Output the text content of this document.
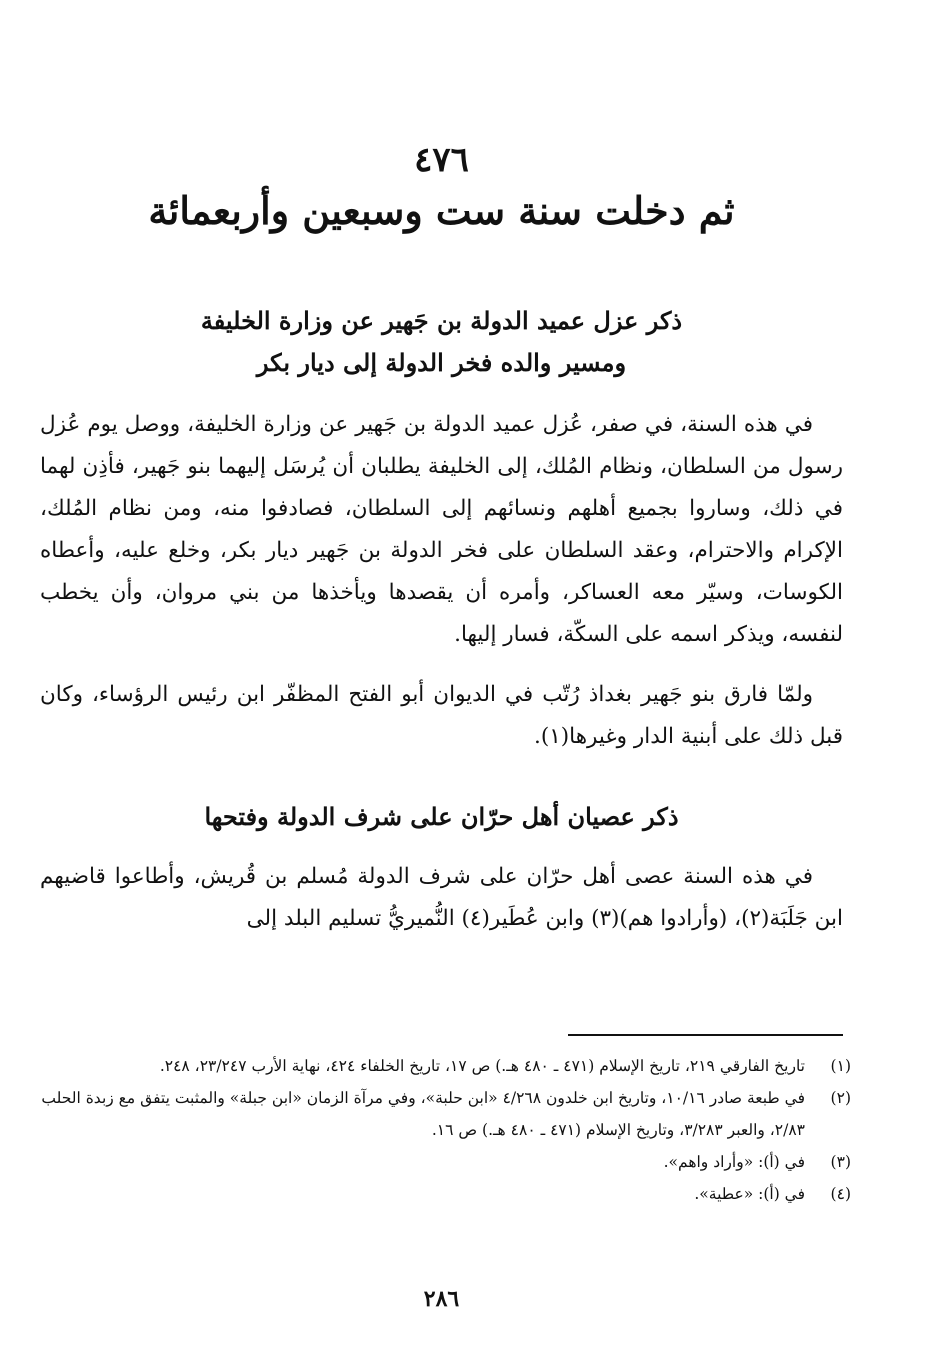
٤٧٦
ثم دخلت سنة ست وسبعين وأربعمائة
ذكر عزل عميد الدولة بن جَهير عن وزارة الخليفة
ومسير والده فخر الدولة إلى ديار بكر

في هذه السنة، في صفر، عُزل عميد الدولة بن جَهير عن وزارة الخليفة، ووصل يوم عُزل رسول من السلطان، ونظام المُلك، إلى الخليفة يطلبان أن يُرسَل إليهما بنو جَهير، فأذِن لهما في ذلك، وساروا بجميع أهلهم ونسائهم إلى السلطان، فصادفوا منه، ومن نظام المُلك، الإكرام والاحترام، وعقد السلطان على فخر الدولة بن جَهير ديار بكر، وخلع عليه، وأعطاه الكوسات، وسيّر معه العساكر، وأمره أن يقصدها ويأخذها من بني مروان، وأن يخطب لنفسه، ويذكر اسمه على السكّة، فسار إليها.

ولمّا فارق بنو جَهير بغداذ رُتّب في الديوان أبو الفتح المظفّر ابن رئيس الرؤساء، وكان قبل ذلك على أبنية الدار وغيرها(١).

ذكر عصيان أهل حرّان على شرف الدولة وفتحها

في هذه السنة عصى أهل حرّان على شرف الدولة مُسلم بن قُريش، وأطاعوا قاضيهم ابن جَلَبَة(٢)، (وأرادوا هم)(٣) وابن عُطَير(٤) النُّميريُّ تسليم البلد إلى

(١)
تاريخ الفارقي ٢١٩، تاريخ الإسلام (٤٧١ ـ ٤٨٠ هـ.) ص ١٧، تاريخ الخلفاء ٤٢٤، نهاية الأرب ٢٣/٢٤٧، ٢٤٨.
(٢)
في طبعة صادر ١٠/١٦، وتاريخ ابن خلدون ٤/٢٦٨ «ابن حلبة»، وفي مرآة الزمان «ابن جبلة» والمثبت يتفق مع زبدة الحلب ٢/٨٣، والعبر ٣/٢٨٣، وتاريخ الإسلام (٤٧١ ـ ٤٨٠ هـ.) ص ١٦.
(٣)
في (أ): «وأراد واهم».
(٤)
في (أ): «عطية».
٢٨٦
